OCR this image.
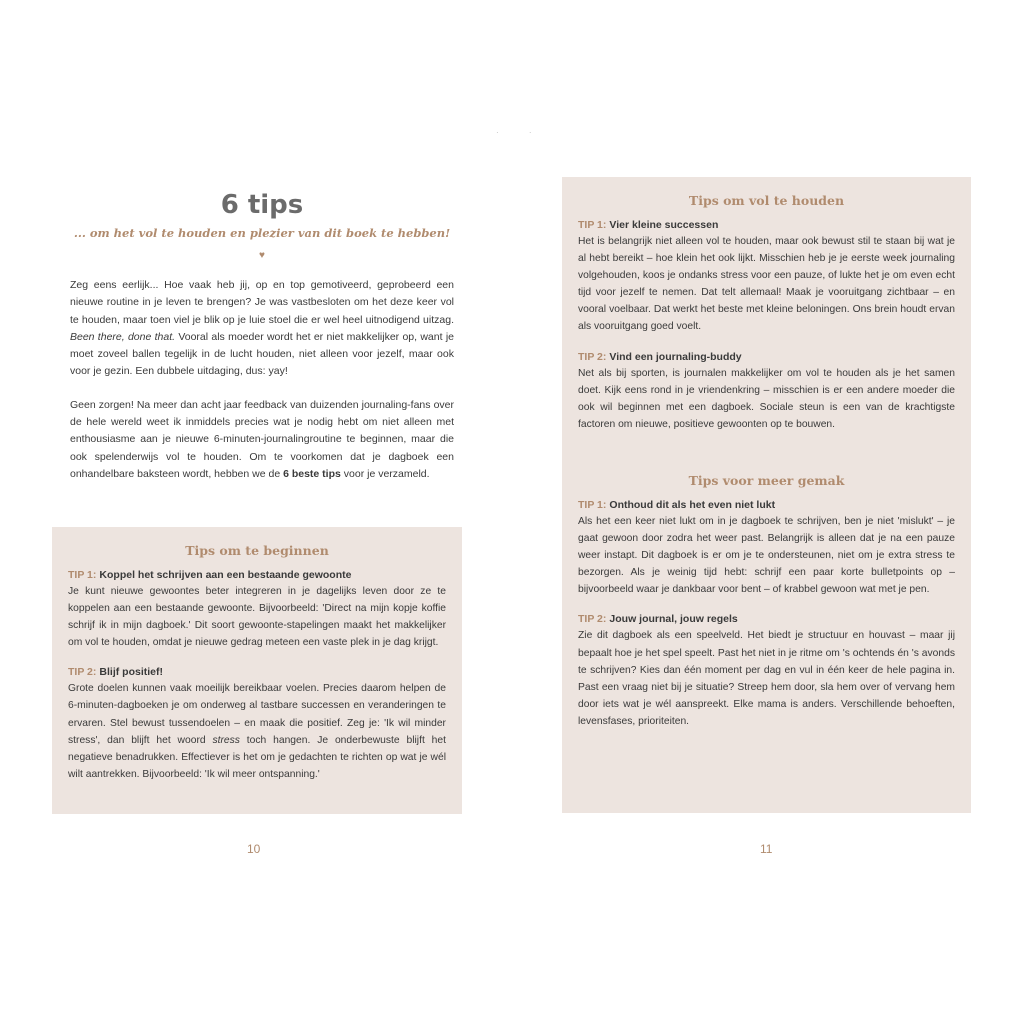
· ·
6 tips
... om het vol te houden en plezier van dit boek te hebben!
♥

Zeg eens eerlijk... Hoe vaak heb jij, op en top gemotiveerd, geprobeerd een nieuwe routine in je leven te brengen? Je was vastbesloten om het deze keer vol te houden, maar toen viel je blik op je luie stoel die er wel heel uitnodigend uitzag. Been there, done that. Vooral als moeder wordt het er niet makkelijker op, want je moet zoveel ballen tegelijk in de lucht houden, niet alleen voor jezelf, maar ook voor je gezin. Een dubbele uitdaging, dus: yay!

Geen zorgen! Na meer dan acht jaar feedback van duizenden journaling-fans over de hele wereld weet ik inmiddels precies wat je nodig hebt om niet alleen met enthousiasme aan je nieuwe 6-minuten-journalingroutine te beginnen, maar die ook spelenderwijs vol te houden. Om te voorkomen dat je dagboek een onhandelbare baksteen wordt, hebben we de 6 beste tips voor je verzameld.

Tips om te beginnen
TIP 1: Koppel het schrijven aan een bestaande gewoonte

Je kunt nieuwe gewoontes beter integreren in je dagelijks leven door ze te koppelen aan een bestaande gewoonte. Bijvoorbeeld: 'Direct na mijn kopje koffie schrijf ik in mijn dagboek.' Dit soort gewoonte-stapelingen maakt het makkelijker om vol te houden, omdat je nieuwe gedrag meteen een vaste plek in je dag krijgt.

TIP 2: Blijf positief!

Grote doelen kunnen vaak moeilijk bereikbaar voelen. Precies daarom helpen de 6-minuten-dagboeken je om onderweg al tastbare successen en veranderingen te ervaren. Stel bewust tussendoelen – en maak die positief. Zeg je: 'Ik wil minder stress', dan blijft het woord stress toch hangen. Je onderbewuste blijft het negatieve benadrukken. Effectiever is het om je gedachten te richten op wat je wél wilt aantrekken. Bijvoorbeeld: 'Ik wil meer ontspanning.'

10
Tips om vol te houden
TIP 1: Vier kleine successen

Het is belangrijk niet alleen vol te houden, maar ook bewust stil te staan bij wat je al hebt bereikt – hoe klein het ook lijkt. Misschien heb je je eerste week journaling volgehouden, koos je ondanks stress voor een pauze, of lukte het je om even echt tijd voor jezelf te nemen. Dat telt allemaal! Maak je vooruitgang zichtbaar – en vooral voelbaar. Dat werkt het beste met kleine beloningen. Ons brein houdt ervan als vooruitgang goed voelt.

TIP 2: Vind een journaling-buddy

Net als bij sporten, is journalen makkelijker om vol te houden als je het samen doet. Kijk eens rond in je vriendenkring – misschien is er een andere moeder die ook wil beginnen met een dagboek. Sociale steun is een van de krachtigste factoren om nieuwe, positieve gewoonten op te bouwen.

Tips voor meer gemak
TIP 1: Onthoud dit als het even niet lukt

Als het een keer niet lukt om in je dagboek te schrijven, ben je niet 'mislukt' – je gaat gewoon door zodra het weer past. Belangrijk is alleen dat je na een pauze weer instapt. Dit dagboek is er om je te ondersteunen, niet om je extra stress te bezorgen. Als je weinig tijd hebt: schrijf een paar korte bulletpoints op – bijvoorbeeld waar je dankbaar voor bent – of krabbel gewoon wat met je pen.

TIP 2: Jouw journal, jouw regels

Zie dit dagboek als een speelveld. Het biedt je structuur en houvast – maar jij bepaalt hoe je het spel speelt. Past het niet in je ritme om 's ochtends én 's avonds te schrijven? Kies dan één moment per dag en vul in één keer de hele pagina in. Past een vraag niet bij je situatie? Streep hem door, sla hem over of vervang hem door iets wat je wél aanspreekt. Elke mama is anders. Verschillende behoeften, levensfases, prioriteiten.

11
